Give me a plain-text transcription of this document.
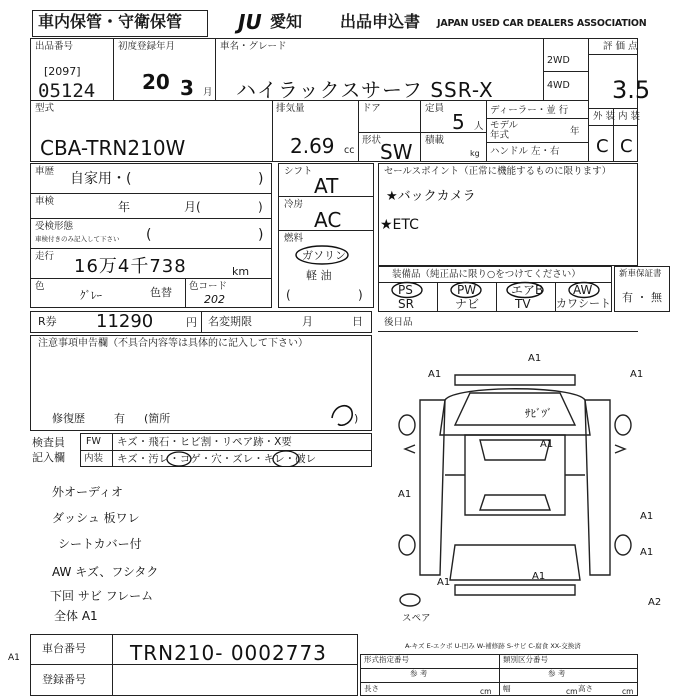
車内保管・守衛保管	JU 愛知 出品申込書 JAPAN USED CAR DEALERS ASSOCIATION
出品番号
[2097]
05124
初度登録年月
20 3 月
車名・グレード
ハイラックスサーフ SSR-X
2WD
4WD
評 価 点
3.5
外 装 内 装
C C
型式
CBA-TRN210W
排気量
2.69 cc
ドア	定員
5 人
形状
SW 積載
kg
ディーラー・並 行
モデル
年式	年
ハンドル 左・右
車歴 自家用・(	)
車検	年	月(	)
受検形態
車検付きのみ記入して下さい (	)
走行 16万4千738	km
色
ｸﾞﾚｰ	色替 色コード
202
シフト
AT
冷房
AC
燃料
ガソリン
軽 油
(	)
セールスポイント（正常に機能するものに限ります）
★バックカメラ
★ETC
装備品（純正品に限り○をつけてください）
PS	PW	エアB AW
SR	ナビ	TV カワシート
新車保証書
有 ・ 無
R券 11290	円 名変期限	月	日 後日品
注意事項申告欄（不具合内容等は具体的に記入して下さい）
修復歴	有 (箇所	)
検査員
記入欄
FW キズ・飛石・ヒビ割・リペア跡・X要
内装 キズ・汚レ・コゲ・穴・ズレ・キレ・破レ
外オーディオ
ダッシュ 板ワレ
シートカバー付
AW キズ、フシタク
下回 サビ フレーム
全体 A1
A1
A1	A1
A1
A1
A1
A1
A1
A2
A1
ｻﾋﾞﾂﾞ
スペア
A-キズ E-エクボ U-凹み W-補修跡 S-サビ C-腐食 XX-交換済
A1
車台番号 TRN210- 0002773
登録番号
形式指定番号	類別区分番号
参 考	参 考
長さ	cm 幅	cm 高さ	cm
